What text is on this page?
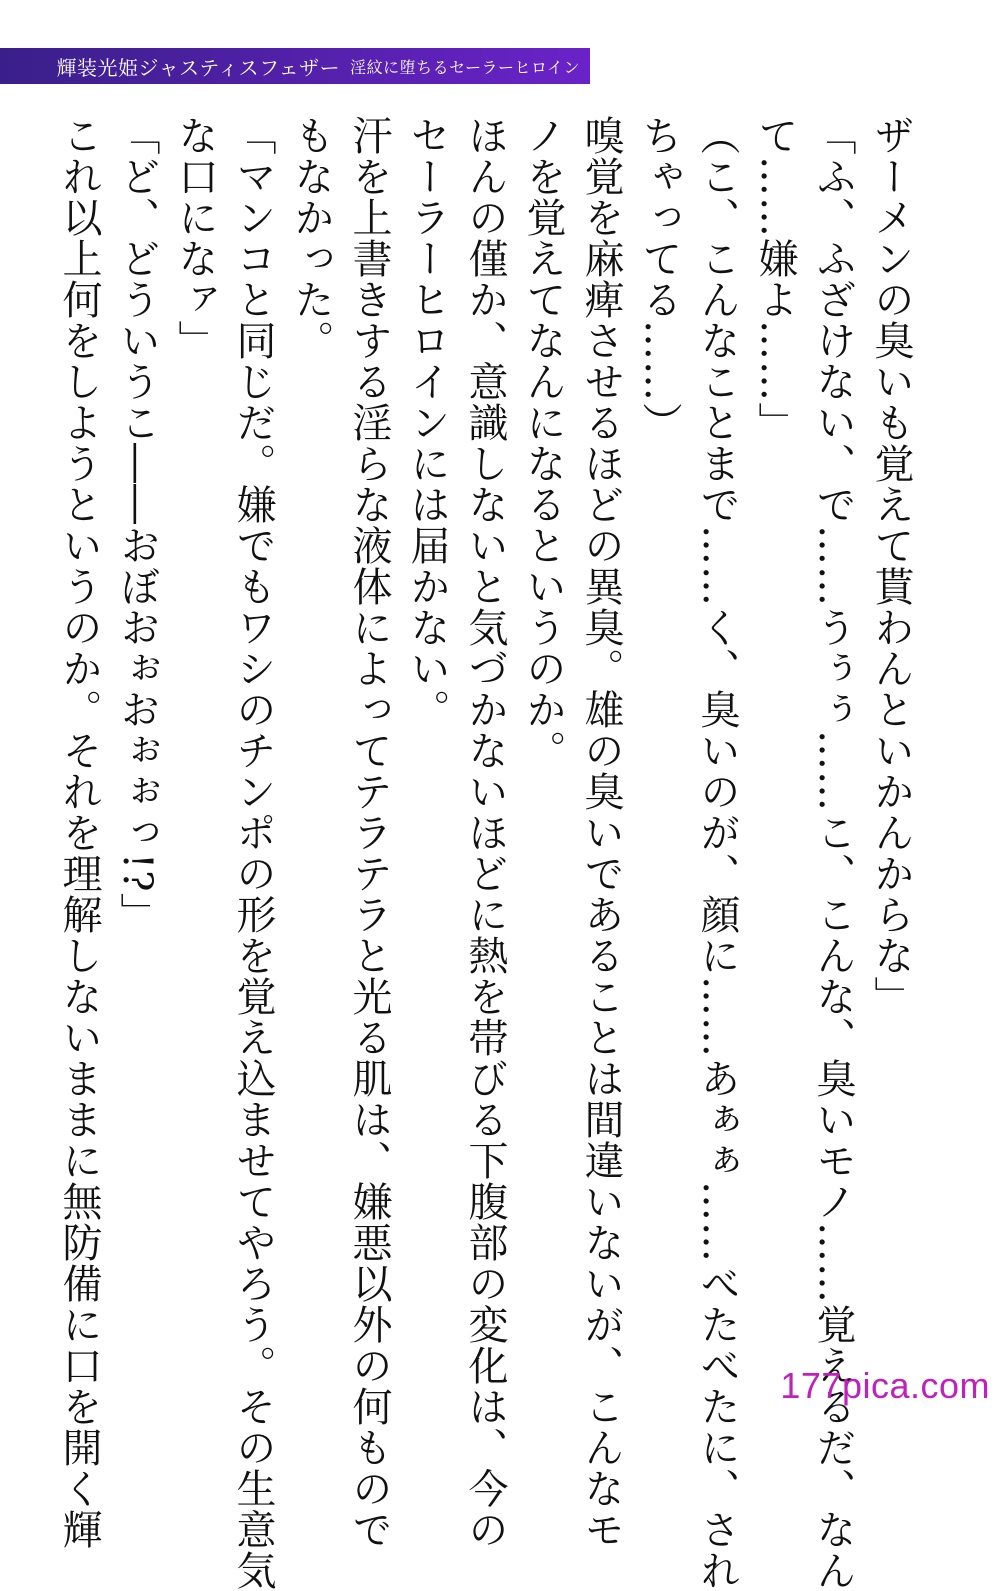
輝装光姫ジャスティスフェザー 淫紋に堕ちるセーラーヒロイン
ザーメンの臭いも覚えて貰わんといかんからな」
「ふ、ふざけない、で……うぅぅ……こ、こんな、臭いモノ……覚えるだ、なん
て……嫌よ……」
（こ、こんなことまで……く、臭いのが、顔に……あぁぁ……べたべたに、され
ちゃってる……）
嗅覚を麻痺させるほどの異臭。雄の臭いであることは間違いないが、こんなモ
ノを覚えてなんになるというのか。
ほんの僅か、意識しないと気づかないほどに熱を帯びる下腹部の変化は、今の
セーラーヒロインには届かない。
汗を上書きする淫らな液体によってテラテラと光る肌は、嫌悪以外の何もので
もなかった。
「マンコと同じだ。嫌でもワシのチンポの形を覚え込ませてやろう。その生意気
な口になァ」
「ど、どういうこ――おぼおぉおぉぉっ!?」
これ以上何をしようというのか。それを理解しないままに無防備に口を開く輝	177pica.com
